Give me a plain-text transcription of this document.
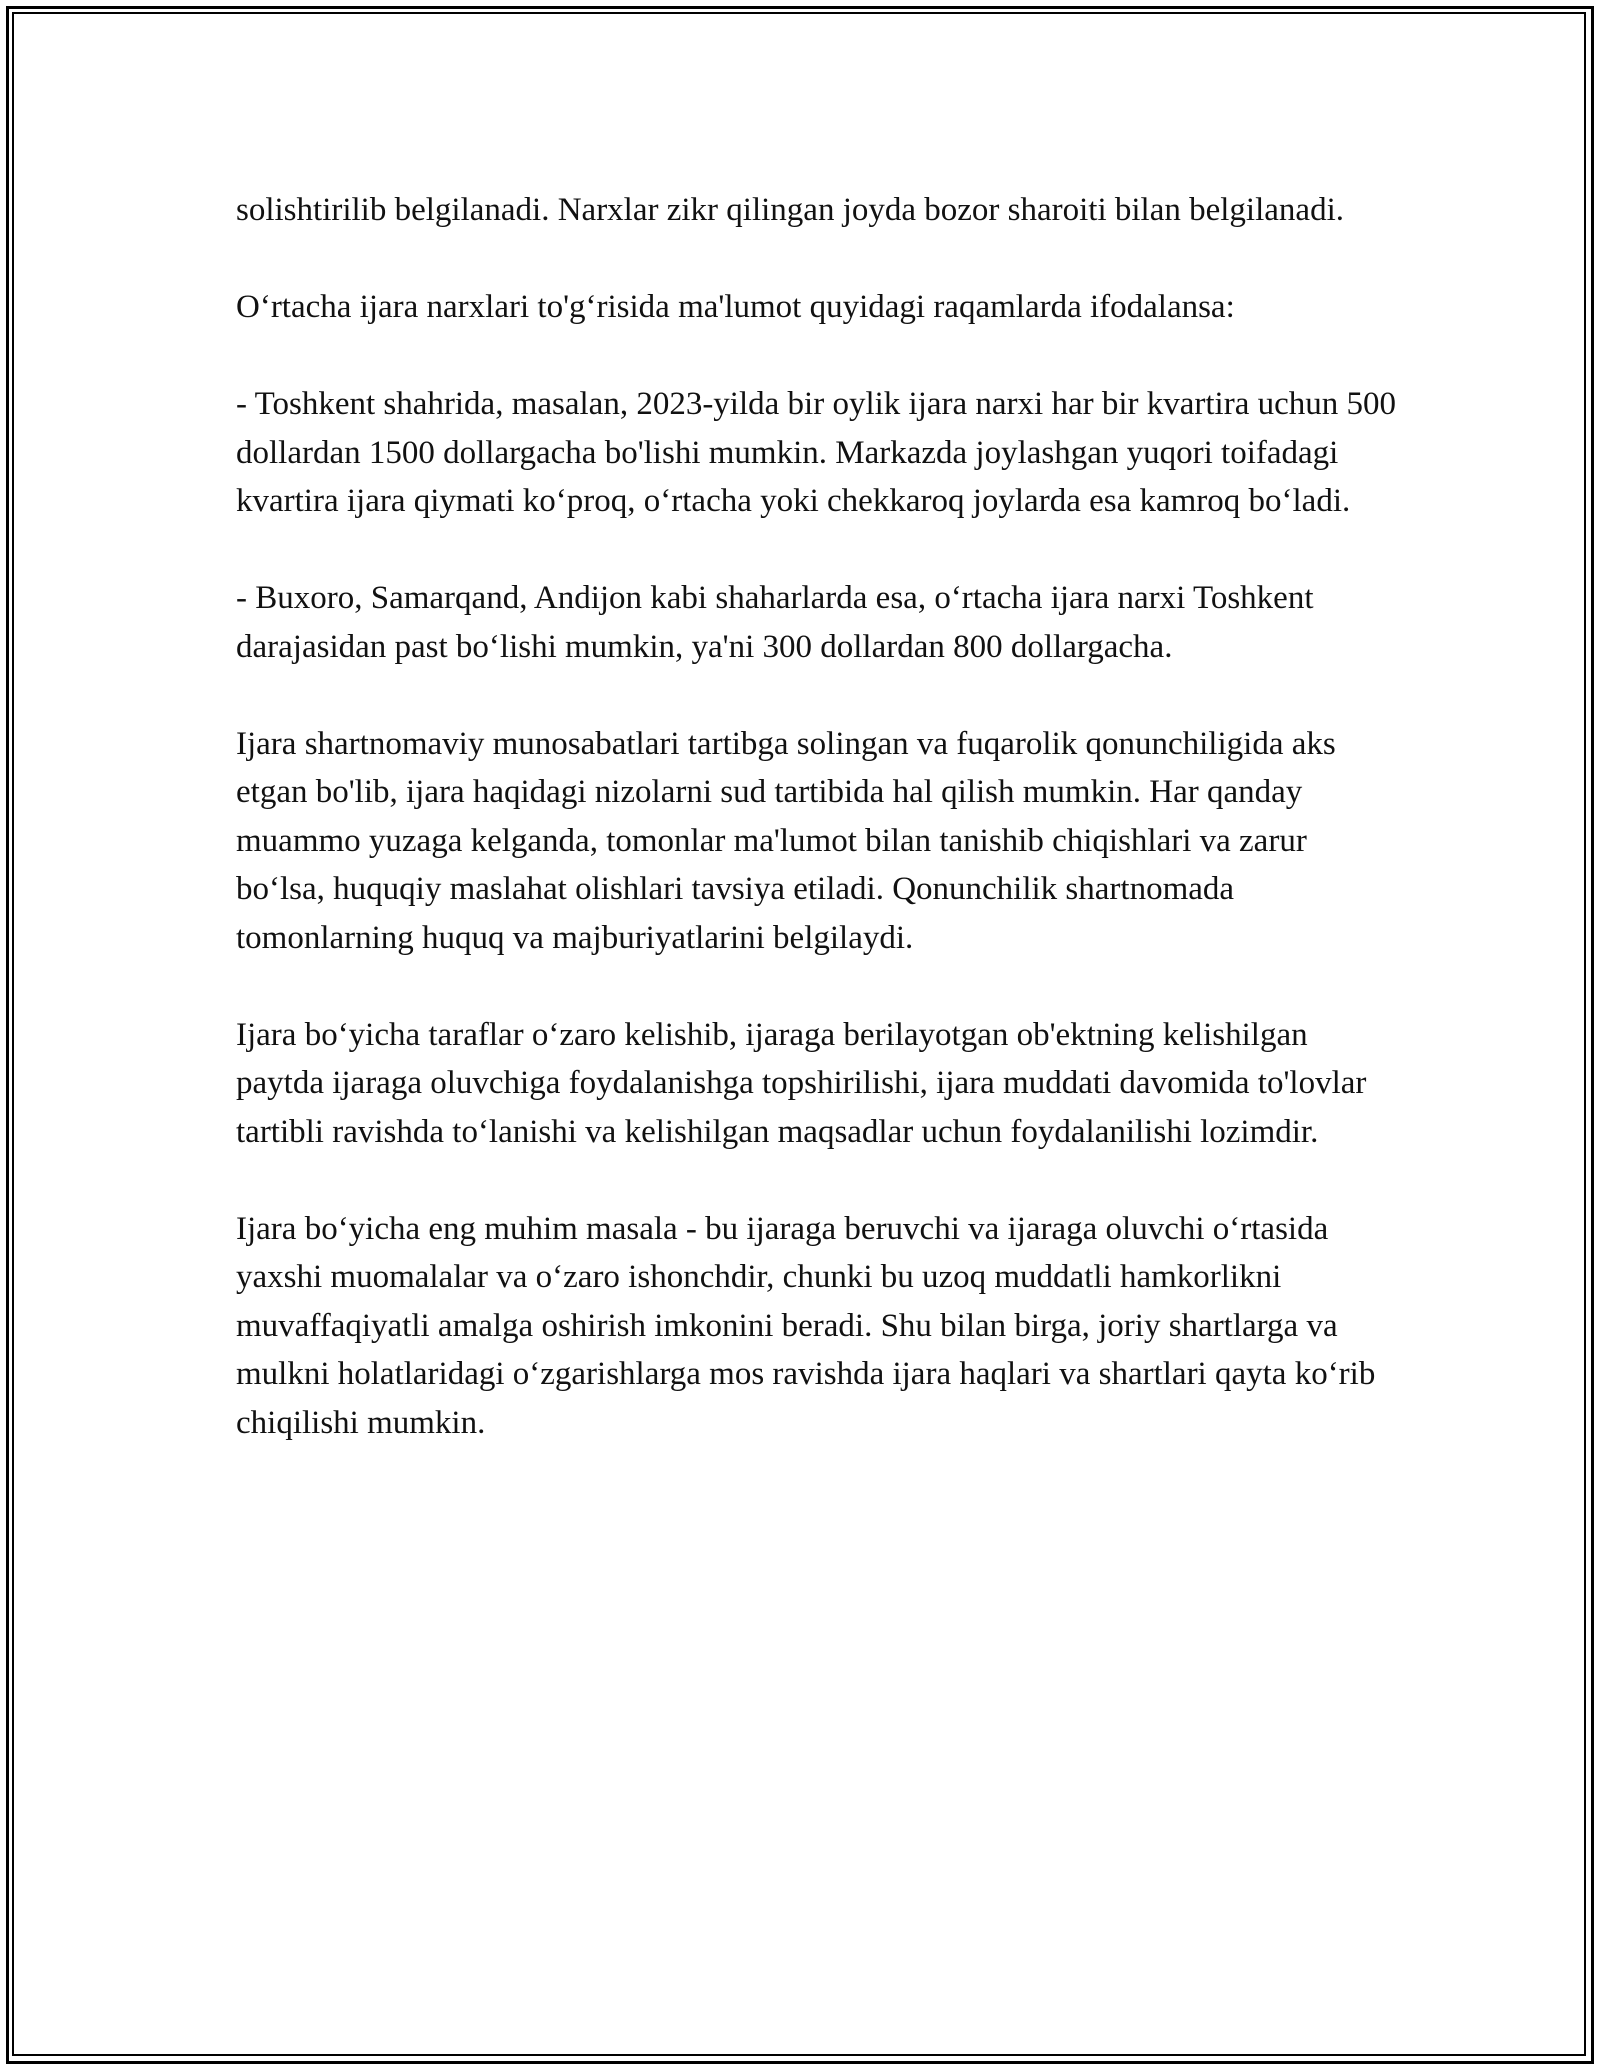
solishtirilib belgilanadi. Narxlar zikr qilingan joyda bozor sharoiti bilan belgilanadi.

O‘rtacha ijara narxlari to'g‘risida ma'lumot quyidagi raqamlarda ifodalansa:

- Toshkent shahrida, masalan, 2023-yilda bir oylik ijara narxi har bir kvartira uchun 500 dollardan 1500 dollargacha bo'lishi mumkin. Markazda joylashgan yuqori toifadagi kvartira ijara qiymati ko‘proq, o‘rtacha yoki chekkaroq joylarda esa kamroq bo‘ladi.

- Buxoro, Samarqand, Andijon kabi shaharlarda esa, o‘rtacha ijara narxi Toshkent darajasidan past bo‘lishi mumkin, ya'ni 300 dollardan 800 dollargacha.

Ijara shartnomaviy munosabatlari tartibga solingan va fuqarolik qonunchiligida aks etgan bo'lib, ijara haqidagi nizolarni sud tartibida hal qilish mumkin. Har qanday muammo yuzaga kelganda, tomonlar ma'lumot bilan tanishib chiqishlari va zarur bo‘lsa, huquqiy maslahat olishlari tavsiya etiladi. Qonunchilik shartnomada tomonlarning huquq va majburiyatlarini belgilaydi.

Ijara bo‘yicha taraflar o‘zaro kelishib, ijaraga berilayotgan ob'ektning kelishilgan paytda ijaraga oluvchiga foydalanishga topshirilishi, ijara muddati davomida to'lovlar tartibli ravishda to‘lanishi va kelishilgan maqsadlar uchun foydalanilishi lozimdir.

Ijara bo‘yicha eng muhim masala - bu ijaraga beruvchi va ijaraga oluvchi o‘rtasida yaxshi muomalalar va o‘zaro ishonchdir, chunki bu uzoq muddatli hamkorlikni muvaffaqiyatli amalga oshirish imkonini beradi. Shu bilan birga, joriy shartlarga va mulkni holatlaridagi o‘zgarishlarga mos ravishda ijara haqlari va shartlari qayta ko‘rib chiqilishi mumkin.
